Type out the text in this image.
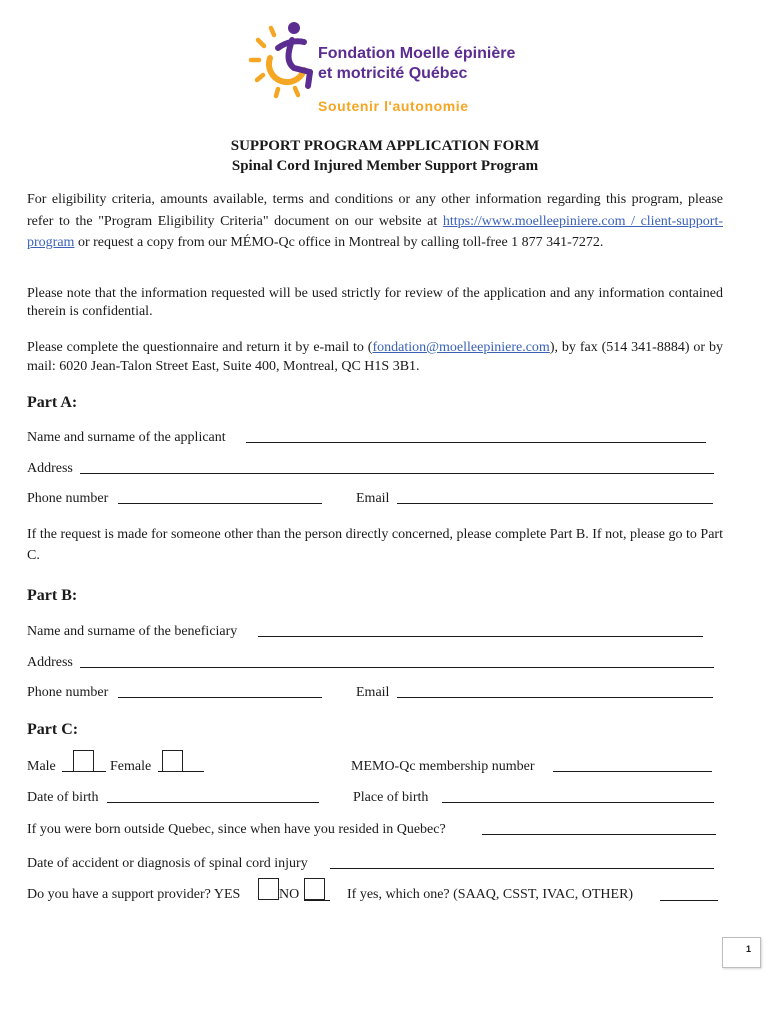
Fondation Moelle épinière
et motricité Québec
Soutenir l'autonomie
SUPPORT PROGRAM APPLICATION FORM
Spinal Cord Injured Member Support Program
For eligibility criteria, amounts available, terms and conditions or any other information regarding this program, please refer to the "Program Eligibility Criteria" document on our website at https://www.moelleepiniere.com / client-support-program or request a copy from our MÉMO-Qc office in Montreal by calling toll-free 1 877 341-7272.
Please note that the information requested will be used strictly for review of the application and any information contained therein is confidential.
Please complete the questionnaire and return it by e-mail to (fondation@moelleepiniere.com), by fax (514 341-8884) or by mail: 6020 Jean-Talon Street East, Suite 400, Montreal, QC H1S 3B1.
Part A:
Name and surname of the applicant
Address
Phone number	Email
If the request is made for someone other than the person directly concerned, please complete Part B. If not, please go to Part C.
Part B:
Name and surname of the beneficiary
Address
Phone number	Email
Part C:
Male	Female	MEMO-Qc membership number
Date of birth	Place of birth
If you were born outside Quebec, since when have you resided in Quebec?
Date of accident or diagnosis of spinal cord injury
Do you have a support provider? YES	NO	If yes, which one? (SAAQ, CSST, IVAC, OTHER)
1
